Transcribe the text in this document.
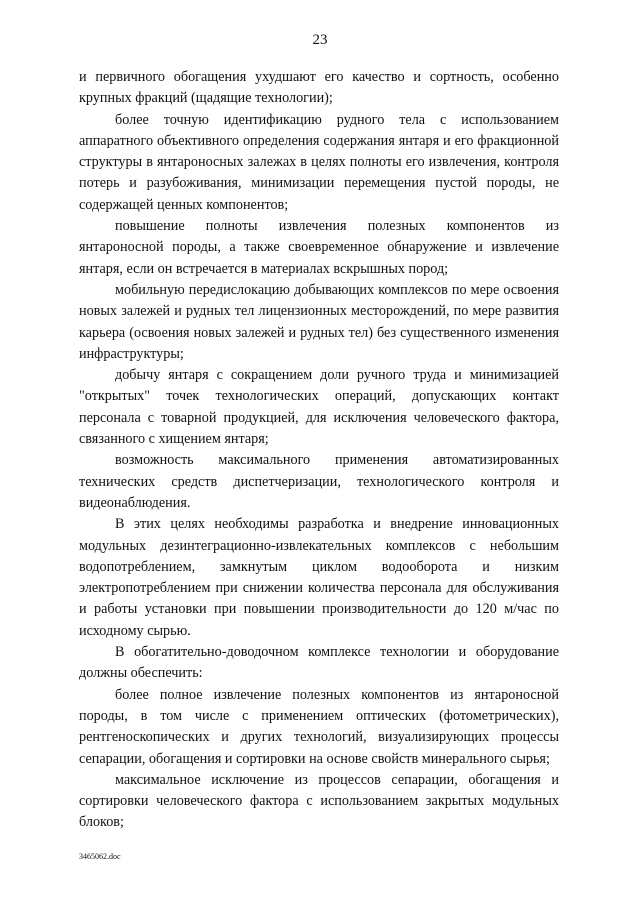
23

и первичного обогащения ухудшают его качество и сортность, особенно крупных фракций (щадящие технологии);

более точную идентификацию рудного тела с использованием аппаратного объективного определения содержания янтаря и его фракционной структуры в янтароносных залежах в целях полноты его извлечения, контроля потерь и разубоживания, минимизации перемещения пустой породы, не содержащей ценных компонентов;

повышение полноты извлечения полезных компонентов из янтароносной породы, а также своевременное обнаружение и извлечение янтаря, если он встречается в материалах вскрышных пород;

мобильную передислокацию добывающих комплексов по мере освоения новых залежей и рудных тел лицензионных месторождений, по мере развития карьера (освоения новых залежей и рудных тел) без существенного изменения инфраструктуры;

добычу янтаря с сокращением доли ручного труда и минимизацией "открытых" точек технологических операций, допускающих контакт персонала с товарной продукцией, для исключения человеческого фактора, связанного с хищением янтаря;

возможность максимального применения автоматизированных технических средств диспетчеризации, технологического контроля и видеонаблюдения.

В этих целях необходимы разработка и внедрение инновационных модульных дезинтеграционно-извлекательных комплексов с небольшим водопотреблением, замкнутым циклом водооборота и низким электропотреблением при снижении количества персонала для обслуживания и работы установки при повышении производительности до 120 м/час по исходному сырью.

В обогатительно-доводочном комплексе технологии и оборудование должны обеспечить:

более полное извлечение полезных компонентов из янтароносной породы, в том числе с применением оптических (фотометрических), рентгеноскопических и других технологий, визуализирующих процессы сепарации, обогащения и сортировки на основе свойств минерального сырья;

максимальное исключение из процессов сепарации, обогащения и сортировки человеческого фактора с использованием закрытых модульных блоков;

3465062.doc
